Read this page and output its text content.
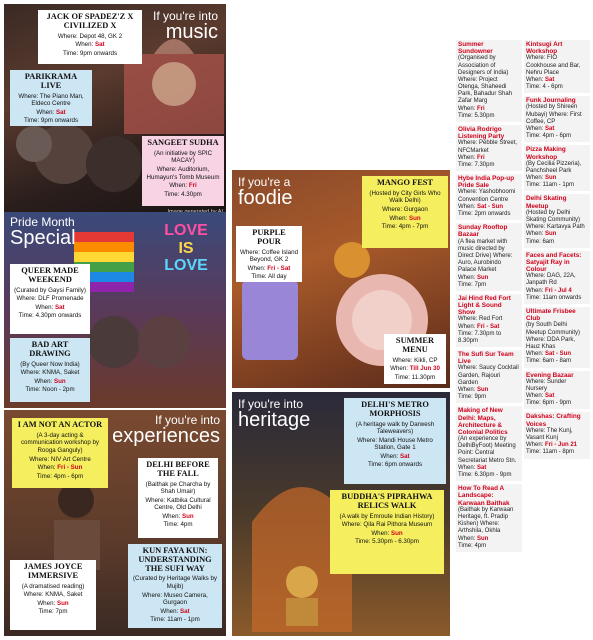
If you're into
music
JACK OF SPADEZ'Z X CIVILIZED X
Where: Depot 48, GK 2
When: Sat
Time: 9pm onwards
PARIKRAMA LIVE
Where: The Piano Man, Eldeco Centre
When: Sat
Time: 9pm onwards
SANGEET SUDHA
(An initiative by SPIC MACAY)
Where: Auditorium, Humayun's Tomb Museum
When: Fri
Time: 4.30pm
Pride Month
Special	LOVE
IS
LOVE
QUEER MADE WEEKEND
(Curated by Gaysi Family)
Where: DLF Promenade
When: Sat
Time: 4.30pm onwards
BAD ART DRAWING
(By Queer Now India)
Where: KNMA, Saket
When: Sun
Time: Noon - 2pm
If you're into
experiences
I AM NOT AN ACTOR
(A 3-day acting & communication workshop by Rooga Ganguly)
Where: NIV Art Centre
When: Fri - Sun
Time: 4pm - 6pm
DELHI BEFORE THE FALL
(Baithak pe Charcha by Shah Umair)
Where: Katbika Cultural Centre, Old Delhi
When: Sun
Time: 4pm
KUN FAYA KUN: UNDERSTANDING THE SUFI WAY
(Curated by Heritage Walks by Mujib)
Where: Museo Camera, Gurgaon
When: Sat
Time: 11am - 1pm
JAMES JOYCE IMMERSIVE
(A dramatised reading)
Where: KNMA, Saket
When: Sun
Time: 7pm
If you're a
foodie
PURPLE POUR
Where: Coffee Island Beyond, GK 2
When: Fri - Sat
Time: All day
MANGO FEST
(Hosted by City Girls Who Walk Delhi)
Where: Gurgaon
When: Sun
Time: 4pm - 7pm
SUMMER MENU
Where: Kikli, CP
When: Till Jun 30
Time: 11.30pm
If you're into
heritage
DELHI'S METRO MORPHOSIS
(A heritage walk by Darwesh Taleweavers)
Where: Mandi House Metro Station, Gate 1
When: Sat
Time: 6pm onwards
BUDDHA'S PIPRAHWA RELICS WALK
(A walk by Emroute Indian History)
Where: Qila Rai Pithora Museum
When: Sun
Time: 5.30pm - 6.30pm
Summer Sundowner
(Organised by Association of Designers of India) Where: Project Otenga, Shaheedi Park, Bahadur Shah Zafar Marg
When: Fri
Time: 5.30pm
Olivia Rodrigo Listening Party
Where: Pebble Street, NFCMarket
When: Fri
Time: 7.30pm
Hybe India Pop-up Pride Sale
Where: Yashobhoomi Convention Centre
When: Sat - Sun
Time: 2pm onwards
Sunday Rooftop Bazaar
(A flea market with music directed by Direct Drive) Where: Auro, Aurobindo Palace Market
When: Sun
Time: 7pm
Jai Hind Red Fort Light & Sound Show
Where: Red Fort
When: Fri - Sat
Time: 7.30pm to 8.30pm
The Sufi Sur Team Live
Where: Saucy Cocktail Garden, Rajouri Garden
When: Sun
Time: 9pm
Making of New Delhi: Maps, Architecture & Colonial Politics
(An experience by DelhiByFoot) Meeting Point: Central Secretariat Metro Stn.
When: Sat
Time: 6.30pm - 9pm
How To Read A Landscape: Karwaan Baithak
(Baithak by Karwaan Heritage, ft. Pradip Kishen) Where: Arthshila, Okhla
When: Sun
Time: 4pm
Kintsugi Art Workshop
Where: FIO Cookhouse and Bar, Nehru Place
When: Sat
Time: 4 - 6pm
Funk Journaling
(Hosted by Shireen Mubayi) Where: First Coffee, CP
When: Sat
Time: 4pm - 6pm
Pizza Making Workshop
(By Cecilia Pizzeria), Panchsheel Park
When: Sun
Time: 11am - 1pm
Delhi Skating Meetup
(Hosted by Delhi Skating Community) Where: Kartavya Path
When: Sun
Time: 6am
Faces and Facets: Satyajit Ray in Colour
Where: DAG, 22A, Janpath Rd
When: Fri - Jul 4
Time: 11am onwards
Ultimate Frisbee Club
(by South Delhi Meetup Community) Where: DDA Park, Hauz Khas
When: Sat - Sun
Time: 6am - 8am
Evening Bazaar
Where: Sunder Nursery
When: Sat
Time: 6pm - 9pm
Dakshas: Crafting Voices
Where: The Kunj, Vasant Kunj
When: Fri - Jun 21
Time: 11am - 8pm
